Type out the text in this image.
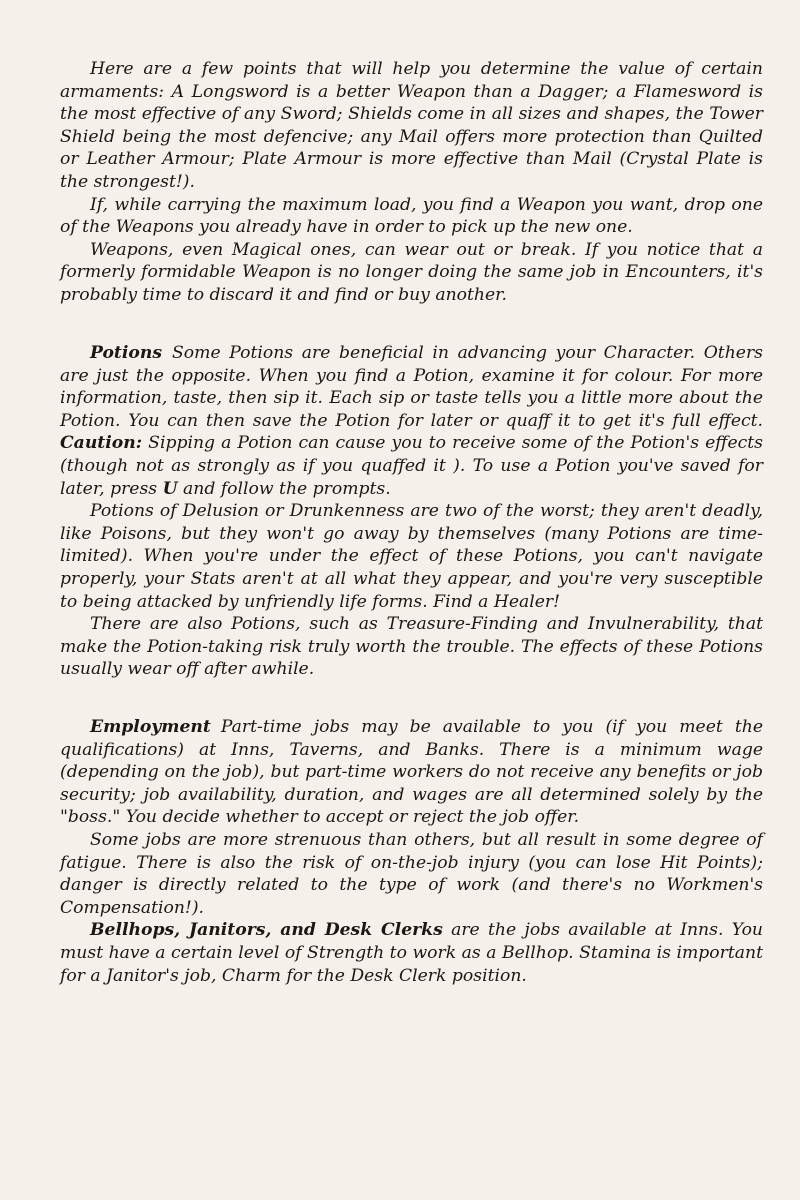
Here are a few points that will help you determine the value of certain armaments: A Longsword is a better Weapon than a Dagger; a Flamesword is the most effective of any Sword; Shields come in all sizes and shapes, the Tower Shield being the most defencive; any Mail offers more protection than Quilted or Leather Armour; Plate Armour is more effective than Mail (Crystal Plate is the strongest!).

If, while carrying the maximum load, you find a Weapon you want, drop one of the Weapons you already have in order to pick up the new one.

Weapons, even Magical ones, can wear out or break. If you notice that a formerly formidable Weapon is no longer doing the same job in Encounters, it's probably time to discard it and find or buy another.

Potions Some Potions are beneficial in advancing your Character. Others are just the opposite. When you find a Potion, examine it for colour. For more information, taste, then sip it. Each sip or taste tells you a little more about the Potion. You can then save the Potion for later or quaff it to get it's full effect. Caution: Sipping a Potion can cause you to receive some of the Potion's effects (though not as strongly as if you quaffed it ). To use a Potion you've saved for later, press U and follow the prompts.

Potions of Delusion or Drunkenness are two of the worst; they aren't deadly, like Poisons, but they won't go away by themselves (many Potions are time-limited). When you're under the effect of these Potions, you can't navigate properly, your Stats aren't at all what they appear, and you're very susceptible to being attacked by unfriendly life forms. Find a Healer!

There are also Potions, such as Treasure-Finding and Invulnerability, that make the Potion-taking risk truly worth the trouble. The effects of these Potions usually wear off after awhile.

Employment Part-time jobs may be available to you (if you meet the qualifications) at Inns, Taverns, and Banks. There is a minimum wage (depending on the job), but part-time workers do not receive any benefits or job security; job availability, duration, and wages are all determined solely by the "boss." You decide whether to accept or reject the job offer.

Some jobs are more strenuous than others, but all result in some degree of fatigue. There is also the risk of on-the-job injury (you can lose Hit Points); danger is directly related to the type of work (and there's no Workmen's Compensation!).

Bellhops, Janitors, and Desk Clerks are the jobs available at Inns. You must have a certain level of Strength to work as a Bellhop. Stamina is important for a Janitor's job, Charm for the Desk Clerk position.
